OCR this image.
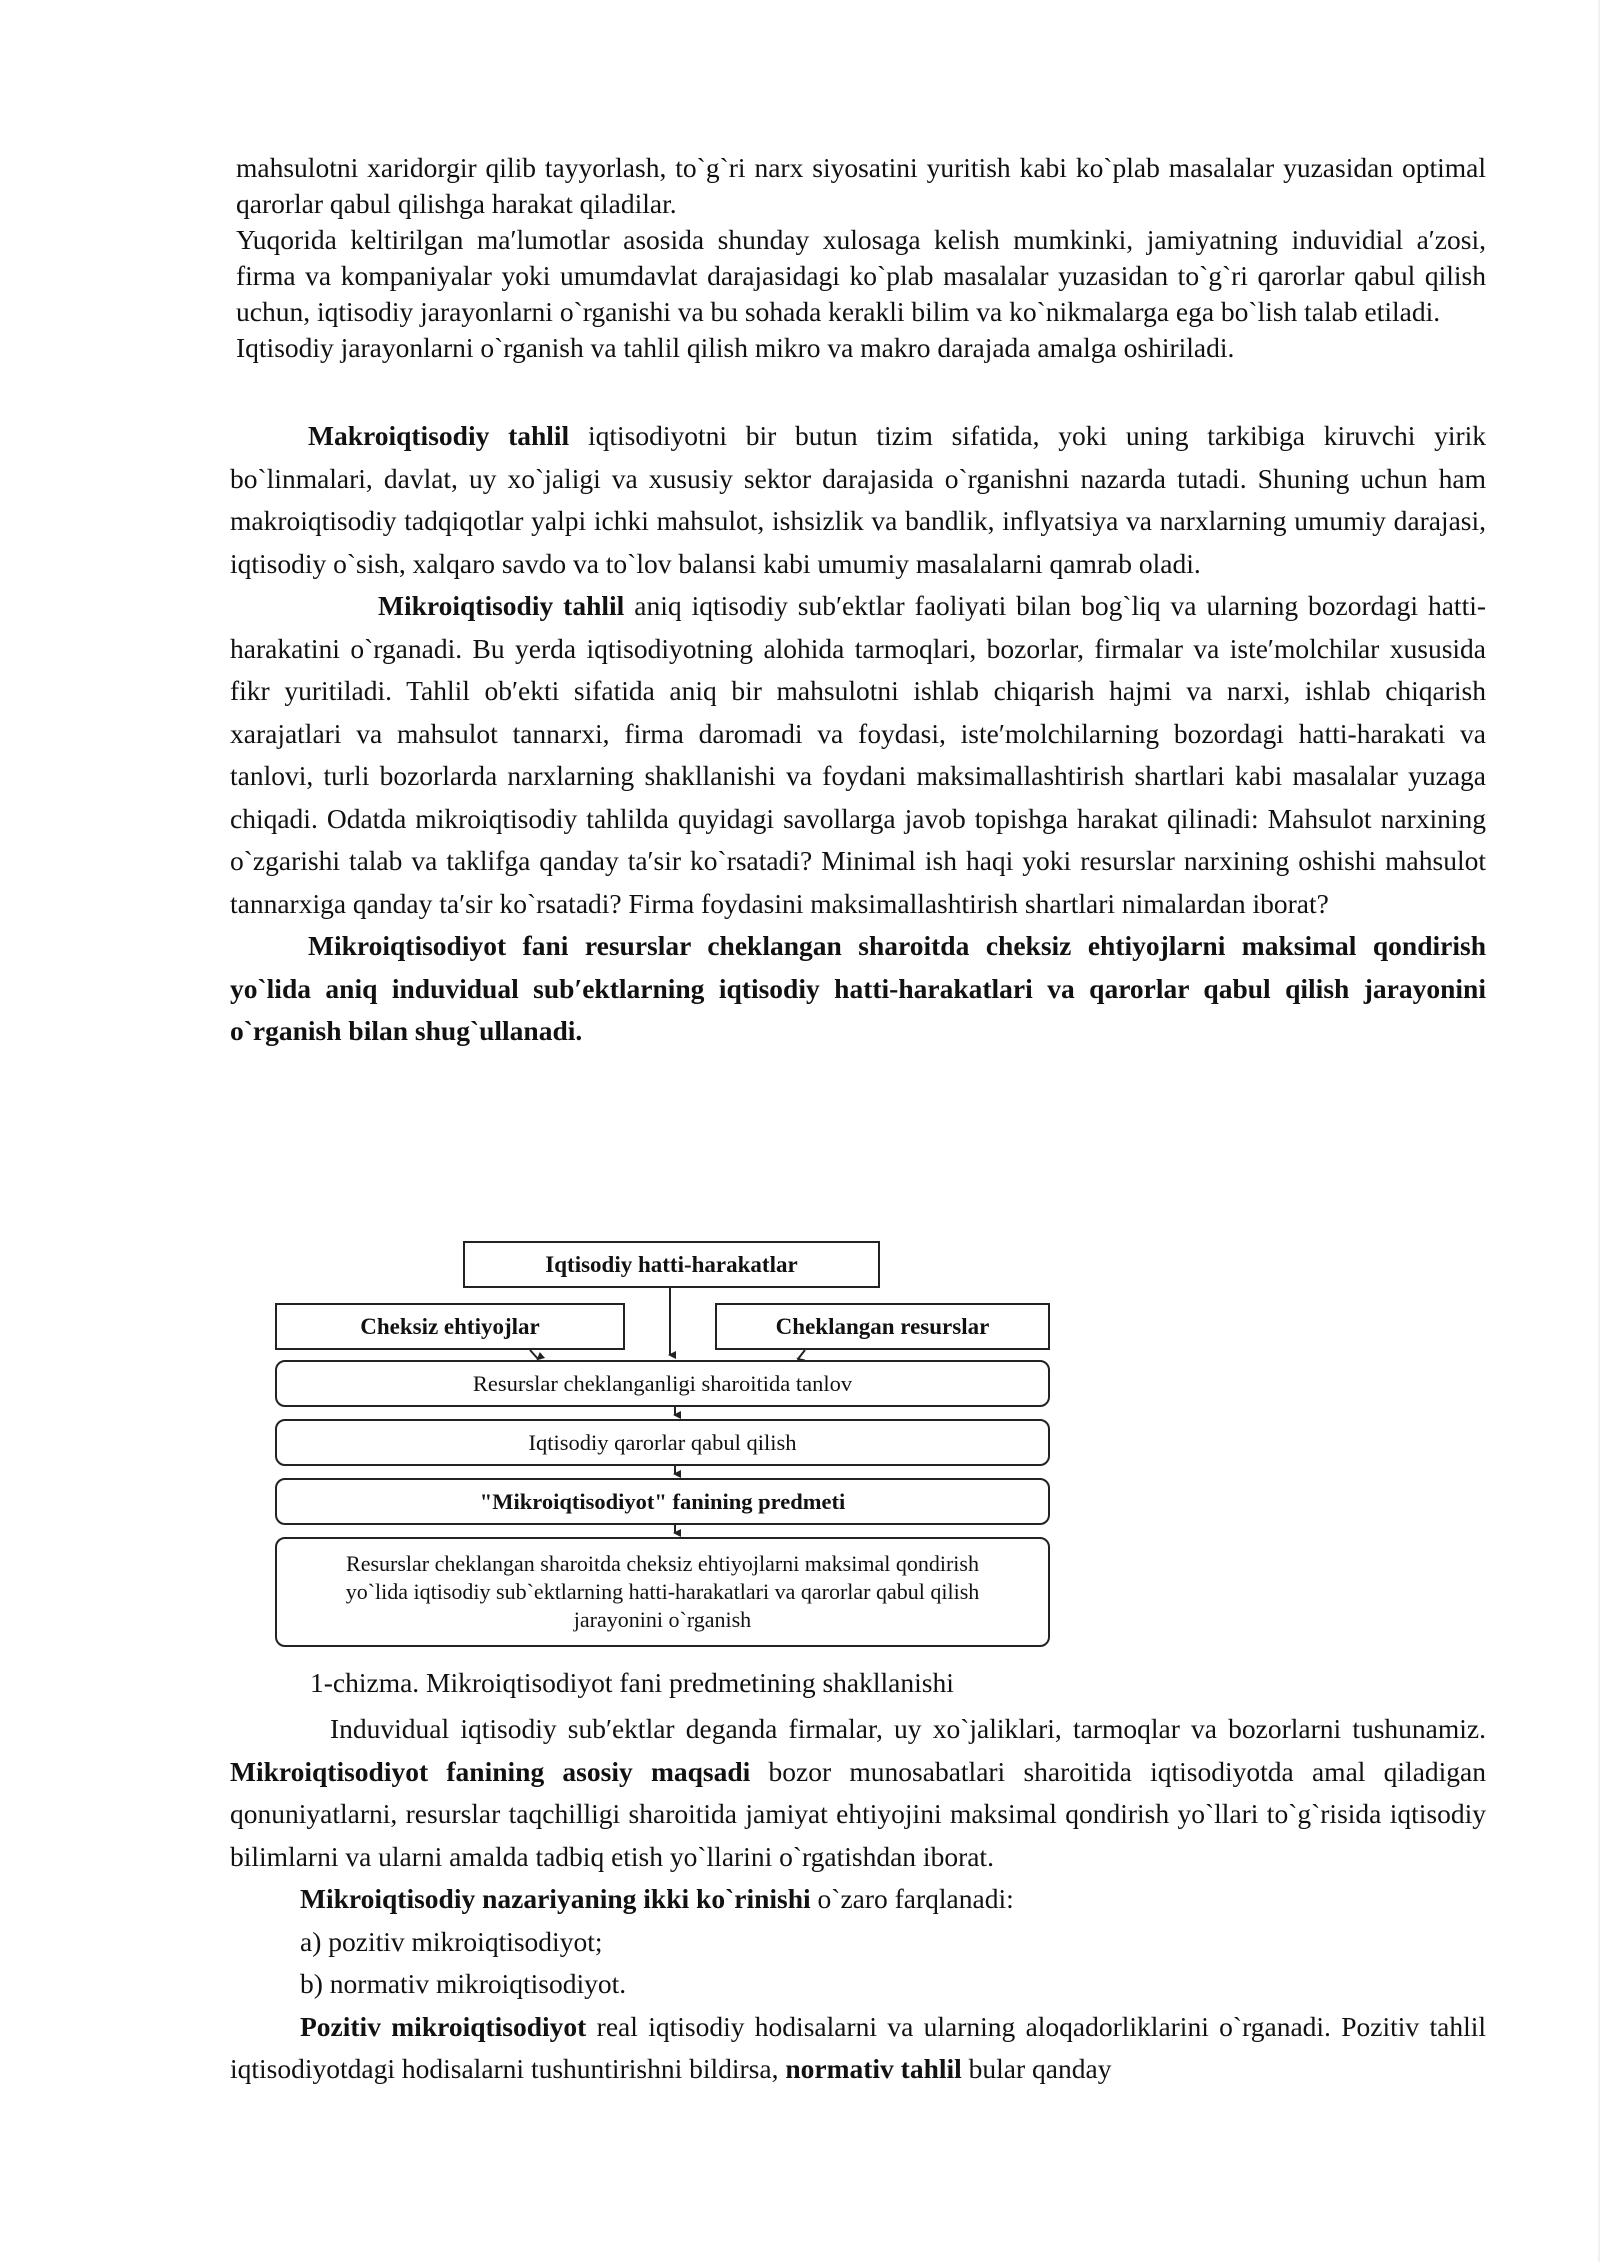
mahsulotni xaridorgir qilib tayyorlash, to`g`ri narx siyosatini yuritish kabi ko`plab masalalar yuzasidan optimal qarorlar qabul qilishga harakat qiladilar.

Yuqorida keltirilgan ma′lumotlar asosida shunday xulosaga kelish mumkinki, jamiyatning induvidial a′zosi, firma va kompaniyalar yoki umumdavlat darajasidagi ko`plab masalalar yuzasidan to`g`ri qarorlar qabul qilish uchun, iqtisodiy jarayonlarni o`rganishi va bu sohada kerakli bilim va ko`nikmalarga ega bo`lish talab etiladi.

Iqtisodiy jarayonlarni o`rganish va tahlil qilish mikro va makro darajada amalga oshiriladi.

Makroiqtisodiy tahlil iqtisodiyotni bir butun tizim sifatida, yoki uning tarkibiga kiruvchi yirik bo`linmalari, davlat, uy xo`jaligi va xususiy sektor darajasida o`rganishni nazarda tutadi. Shuning uchun ham makroiqtisodiy tadqiqotlar yalpi ichki mahsulot, ishsizlik va bandlik, inflyatsiya va narxlarning umumiy darajasi, iqtisodiy o`sish, xalqaro savdo va to`lov balansi kabi umumiy masalalarni qamrab oladi.

Mikroiqtisodiy tahlil aniq iqtisodiy sub′ektlar faoliyati bilan bog`liq va ularning bozordagi hatti-harakatini o`rganadi. Bu yerda iqtisodiyotning alohida tarmoqlari, bozorlar, firmalar va iste′molchilar xususida fikr yuritiladi. Tahlil ob′ekti sifatida aniq bir mahsulotni ishlab chiqarish hajmi va narxi, ishlab chiqarish xarajatlari va mahsulot tannarxi, firma daromadi va foydasi, iste′molchilarning bozordagi hatti-harakati va tanlovi, turli bozorlarda narxlarning shakllanishi va foydani maksimallashtirish shartlari kabi masalalar yuzaga chiqadi. Odatda mikroiqtisodiy tahlilda quyidagi savollarga javob topishga harakat qilinadi: Mahsulot narxining o`zgarishi talab va taklifga qanday ta′sir ko`rsatadi? Minimal ish haqi yoki resurslar narxining oshishi mahsulot tannarxiga qanday ta′sir ko`rsatadi? Firma foydasini maksimallashtirish shartlari nimalardan iborat?

Mikroiqtisodiyot fani resurslar cheklangan sharoitda cheksiz ehtiyojlarni maksimal qondirish yo`lida aniq induvidual sub′ektlarning iqtisodiy hatti-harakatlari va qarorlar qabul qilish jarayonini o`rganish bilan shug`ullanadi.

Iqtisodiy hatti-harakatlar
Cheksiz ehtiyojlar	Cheklangan resurslar
Resurslar cheklanganligi sharoitida tanlov
Iqtisodiy qarorlar qabul qilish
"Mikroiqtisodiyot" fanining predmeti
Resurslar cheklangan sharoitda cheksiz ehtiyojlarni maksimal qondirish yo`lida iqtisodiy sub`ektlarning hatti-harakatlari va qarorlar qabul qilish jarayonini o`rganish
1-chizma. Mikroiqtisodiyot fani predmetining shakllanishi

Induvidual iqtisodiy sub′ektlar deganda firmalar, uy xo`jaliklari, tarmoqlar va bozorlarni tushunamiz. Mikroiqtisodiyot fanining asosiy maqsadi bozor munosabatlari sharoitida iqtisodiyotda amal qiladigan qonuniyatlarni, resurslar taqchilligi sharoitida jamiyat ehtiyojini maksimal qondirish yo`llari to`g`risida iqtisodiy bilimlarni va ularni amalda tadbiq etish yo`llarini o`rgatishdan iborat.

Mikroiqtisodiy nazariyaning ikki ko`rinishi o`zaro farqlanadi:

a) pozitiv mikroiqtisodiyot;

b) normativ mikroiqtisodiyot.

Pozitiv mikroiqtisodiyot real iqtisodiy hodisalarni va ularning aloqadorliklarini o`rganadi. Pozitiv tahlil iqtisodiyotdagi hodisalarni tushuntirishni bildirsa, normativ tahlil bular qanday
